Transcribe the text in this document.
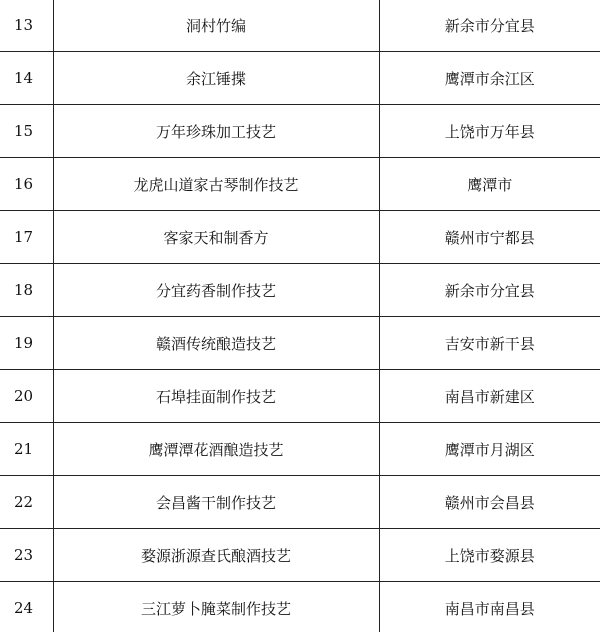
13	洞村竹编	新余市分宜县
14	余江锤揲	鹰潭市余江区
15	万年珍珠加工技艺	上饶市万年县
16	龙虎山道家古琴制作技艺	鹰潭市
17	客家天和制香方	赣州市宁都县
18	分宜药香制作技艺	新余市分宜县
19	赣酒传统酿造技艺	吉安市新干县
20	石埠挂面制作技艺	南昌市新建区
21	鹰潭潭花酒酿造技艺	鹰潭市月湖区
22	会昌酱干制作技艺	赣州市会昌县
23	婺源浙源查氏酿酒技艺	上饶市婺源县
24	三江萝卜腌菜制作技艺	南昌市南昌县
